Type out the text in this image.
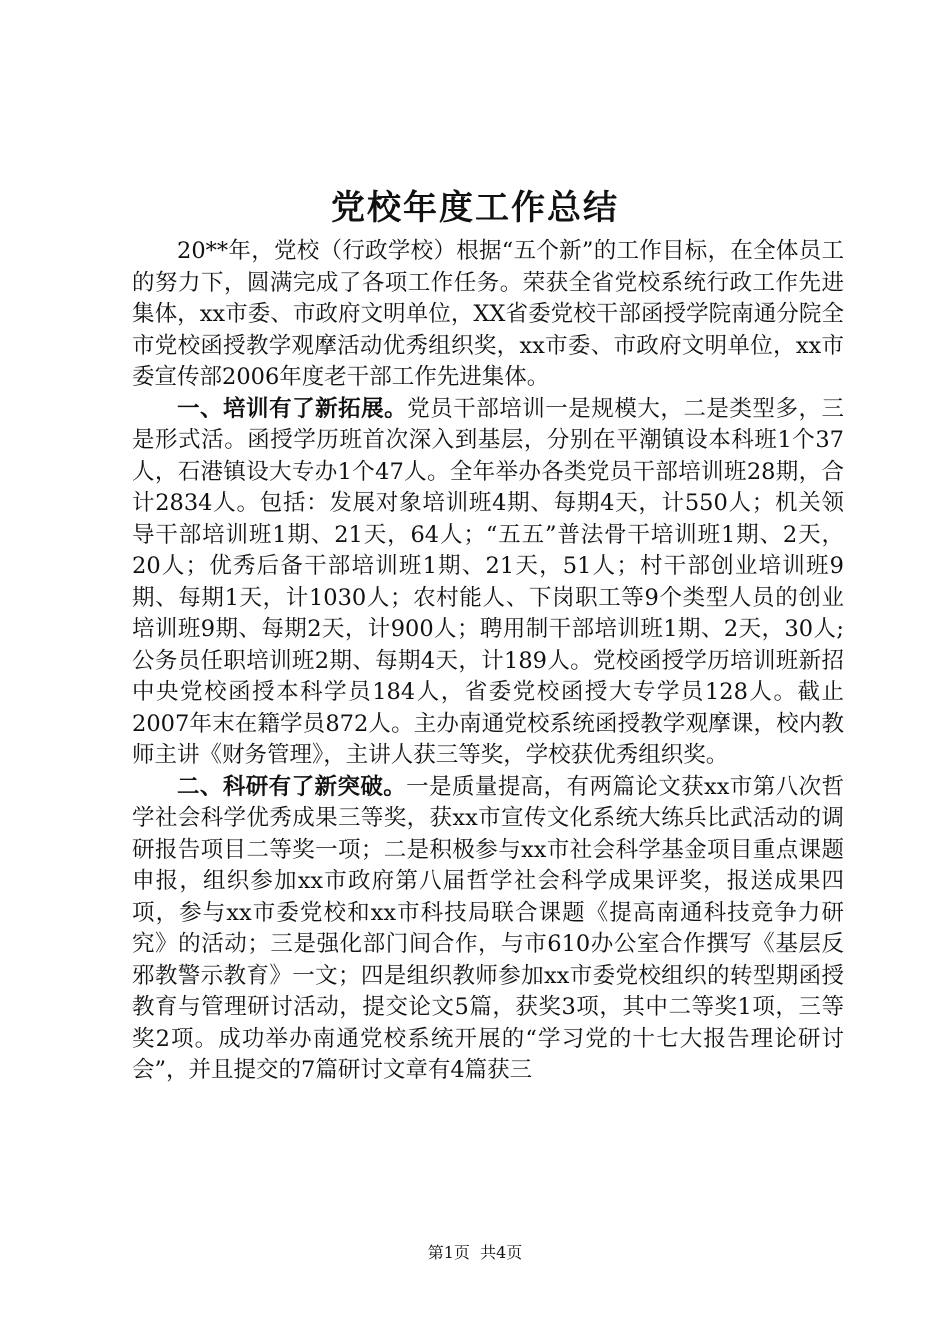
党校年度工作总结

20**年，党校（行政学校）根据“五个新”的工作目标，在全体员工的努力下，圆满完成了各项工作任务。荣获全省党校系统行政工作先进集体，xx市委、市政府文明单位，XX省委党校干部函授学院南通分院全市党校函授教学观摩活动优秀组织奖，xx市委、市政府文明单位，xx市委宣传部2006年度老干部工作先进集体。

一、培训有了新拓展。党员干部培训一是规模大，二是类型多，三是形式活。函授学历班首次深入到基层，分别在平潮镇设本科班1个37人，石港镇设大专办1个47人。全年举办各类党员干部培训班28期，合计2834人。包括：发展对象培训班4期、每期4天，计550人；机关领导干部培训班1期、21天，64人；“五五”普法骨干培训班1期、2天，20人；优秀后备干部培训班1期、21天，51人；村干部创业培训班9期、每期1天，计1030人；农村能人、下岗职工等9个类型人员的创业培训班9期、每期2天，计900人；聘用制干部培训班1期、2天，30人;公务员任职培训班2期、每期4天，计189人。党校函授学历培训班新招中央党校函授本科学员184人，省委党校函授大专学员128人。截止2007年末在籍学员872人。主办南通党校系统函授教学观摩课，校内教师主讲《财务管理》，主讲人获三等奖，学校获优秀组织奖。

二、科研有了新突破。一是质量提高，有两篇论文获xx市第八次哲学社会科学优秀成果三等奖，获xx市宣传文化系统大练兵比武活动的调研报告项目二等奖一项；二是积极参与xx市社会科学基金项目重点课题申报，组织参加xx市政府第八届哲学社会科学成果评奖，报送成果四项，参与xx市委党校和xx市科技局联合课题《提高南通科技竞争力研究》的活动；三是强化部门间合作，与市610办公室合作撰写《基层反邪教警示教育》一文；四是组织教师参加xx市委党校组织的转型期函授教育与管理研讨活动，提交论文5篇，获奖3项，其中二等奖1项，三等奖2项。成功举办南通党校系统开展的“学习党的十七大报告理论研讨会”，并且提交的7篇研讨文章有4篇获三

第1页 共4页
